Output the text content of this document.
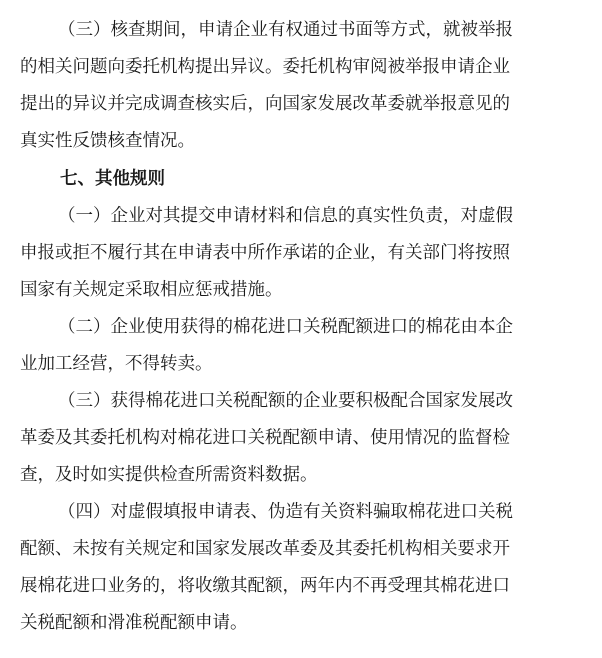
（三）核查期间，申请企业有权通过书面等方式，就被举报
的相关问题向委托机构提出异议。委托机构审阅被举报申请企业
提出的异议并完成调查核实后，向国家发展改革委就举报意见的
真实性反馈核查情况。
七、其他规则
（一）企业对其提交申请材料和信息的真实性负责，对虚假
申报或拒不履行其在申请表中所作承诺的企业，有关部门将按照
国家有关规定采取相应惩戒措施。
（二）企业使用获得的棉花进口关税配额进口的棉花由本企
业加工经营，不得转卖。
（三）获得棉花进口关税配额的企业要积极配合国家发展改
革委及其委托机构对棉花进口关税配额申请、使用情况的监督检
查，及时如实提供检查所需资料数据。
（四）对虚假填报申请表、伪造有关资料骗取棉花进口关税
配额、未按有关规定和国家发展改革委及其委托机构相关要求开
展棉花进口业务的，将收缴其配额，两年内不再受理其棉花进口
关税配额和滑准税配额申请。
